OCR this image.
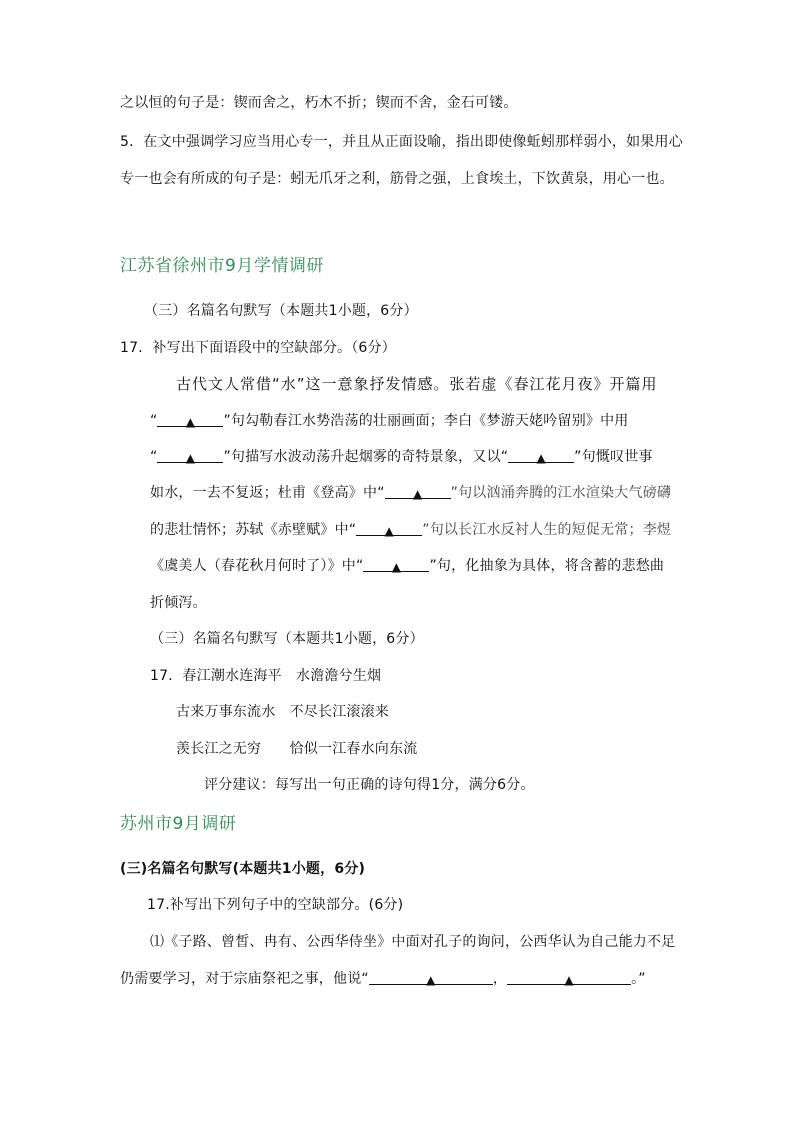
之以恒的句子是：锲而舍之，朽木不折；锲而不舍，金石可镂。
5．在文中强调学习应当用心专一，并且从正面设喻，指出即使像蚯蚓那样弱小，如果用心
专一也会有所成的句子是：蚓无爪牙之利，筋骨之强，上食埃土，下饮黄泉，用心一也。
江苏省徐州市9月学情调研
（三）名篇名句默写（本题共1小题，6分）
17．补写出下面语段中的空缺部分。（6分）
古代文人常借“水”这一意象抒发情感。张若虚《春江花月夜》开篇用
“ ▲ ”句勾勒春江水势浩荡的壮丽画面；李白《梦游天姥吟留别》中用
“ ▲ ”句描写水波动荡升起烟雾的奇特景象，又以“ ▲ ”句慨叹世事
如水，一去不复返；杜甫《登高》中“ ▲ ”句以汹涌奔腾的江水渲染大气磅礴
的悲壮情怀；苏轼《赤壁赋》中“ ▲ ”句以长江水反衬人生的短促无常；李煜
《虞美人（春花秋月何时了）》中“ ▲ ”句，化抽象为具体，将含蓄的悲愁曲
折倾泻。
（三）名篇名句默写（本题共1小题，6分）
17．春江潮水连海平　水澹澹兮生烟
古来万事东流水　不尽长江滚滚来
羡长江之无穷　　恰似一江春水向东流
评分建议：每写出一句正确的诗句得1分，满分6分。
苏州市9月调研
(三)名篇名句默写(本题共1小题，6分)
17.补写出下列句子中的空缺部分。(6分)
⑴《子路、曾皙、冉有、公西华侍坐》中面对孔子的询问，公西华认为自己能力不足
仍需要学习，对于宗庙祭祀之事，他说“	▲	，	▲	。”
